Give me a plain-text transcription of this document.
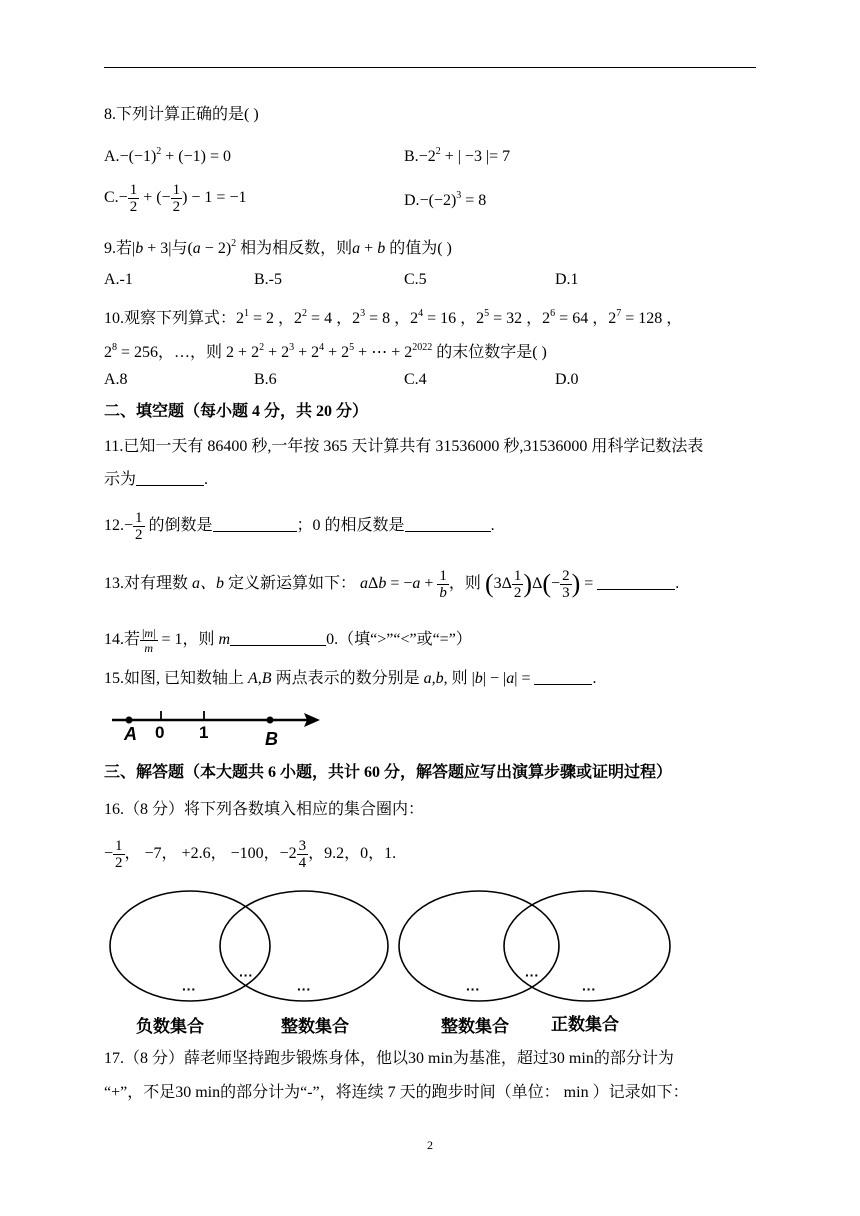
8.下列计算正确的是( )
$A.-(-1)^2 + (-1) = 0$	$B.-2^2$ + | −3 |= 7
$C.- \frac{1}{2}$ + (− $\frac{1}{2}$ ) − 1 = −1	$D.-(-2)^3 = 8$
9.若|b + 3|与$(a - 2)^2$ 相为相反数，则a + b 的值为( )
A.-1	B.-5	C.5	D.1
10.观察下列算式：$2^1 = 2$ ，$2^2 = 4$ ，$2^3 = 8$ ，$2^4 = 16$ ，$2^5 = 32$ ，$2^6 = 64$ ，$2^7 = 128$ ，
$2^8 = 256$，…，则 $2 + 2^2 + 2^3 + 2^4 + 2^5$ + ⋯ + $2^{2022}$ 的末位数字是( )
A.8	B.6	C.4	D.0
二、填空题（每小题 4 分，共 20 分）
11.已知一天有 86400 秒,一年按 365 天计算共有 31536000 秒,31536000 用科学记数法表
示为	.
$12.- \frac{1}{2}$ 的倒数是	；0 的相反数是	.
13.对有理数 a、b 定义新运算如下： $a\Delta b = -a + \frac{1}{b}$ ，则 $(3\Delta \frac{1}{2} )\Delta(- \frac{2}{3}$ ) =	.
14.若 $\frac{|m|}{m} = 1$，则 m	0.（填“>”“<”或“=”）
15.如图, 已知数轴上 A,B 两点表示的数分别是 a,b, 则 |b| − |a| =	.
A 0 1	B
三、解答题（本大题共 6 小题，共计 60 分，解答题应写出演算步骤或证明过程）
16.（8 分）将下列各数填入相应的集合圈内：
− $\frac{1}{2}$ ， −7， +2.6， −100，$-2 \frac{3}{4}$ ，9.2，0，1.
···
···
···	···
···
···
负数集合	整数集合	整数集合 正数集合
17.（8 分）薛老师坚持跑步锻炼身体，他以30 min为基准，超过30 min的部分计为
“+”，不足30 min的部分计为“-”，将连续 7 天的跑步时间（单位： min ）记录如下：
2
